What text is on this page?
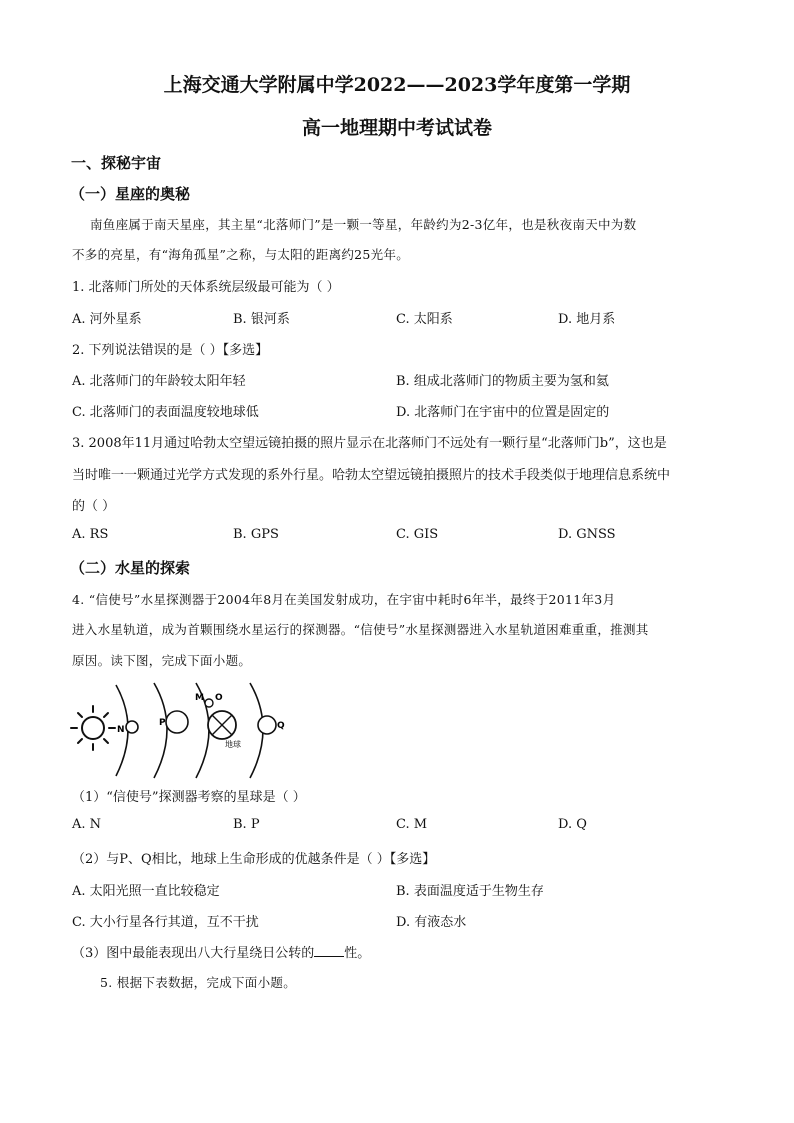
上海交通大学附属中学2022——2023学年度第一学期
高一地理期中考试试卷
一、探秘宇宙
（一）星座的奥秘
南鱼座属于南天星座，其主星“北落师门”是一颗一等星，年龄约为2-3亿年，也是秋夜南天中为数
不多的亮星，有“海角孤星”之称，与太阳的距离约25光年。
1. 北落师门所处的天体系统层级最可能为（ ）
A. 河外星系	B. 银河系	C. 太阳系	D. 地月系
2. 下列说法错误的是（ ）【多选】
A. 北落师门的年龄较太阳年轻	B. 组成北落师门的物质主要为氢和氦
C. 北落师门的表面温度较地球低	D. 北落师门在宇宙中的位置是固定的
3. 2008年11月通过哈勃太空望远镜拍摄的照片显示在北落师门不远处有一颗行星“北落师门b”，这也是
当时唯一一颗通过光学方式发现的系外行星。哈勃太空望远镜拍摄照片的技术手段类似于地理信息系统中
的（ ）
A. RS	B. GPS	C. GIS	D. GNSS
（二）水星的探索
4. “信使号”水星探测器于2004年8月在美国发射成功，在宇宙中耗时6年半，最终于2011年3月
进入水星轨道，成为首颗围绕水星运行的探测器。“信使号”水星探测器进入水星轨道困难重重，推测其
原因。读下图，完成下面小题。
N
P
M O
地球
Q
（1）“信使号”探测器考察的星球是（ ）
A. N	B. P	C. M	D. Q
（2）与P、Q相比，地球上生命形成的优越条件是（ ）【多选】
A. 太阳光照一直比较稳定	B. 表面温度适于生物生存
C. 大小行星各行其道，互不干扰	D. 有液态水
（3）图中最能表现出八大行星绕日公转的 性。
5. 根据下表数据，完成下面小题。
